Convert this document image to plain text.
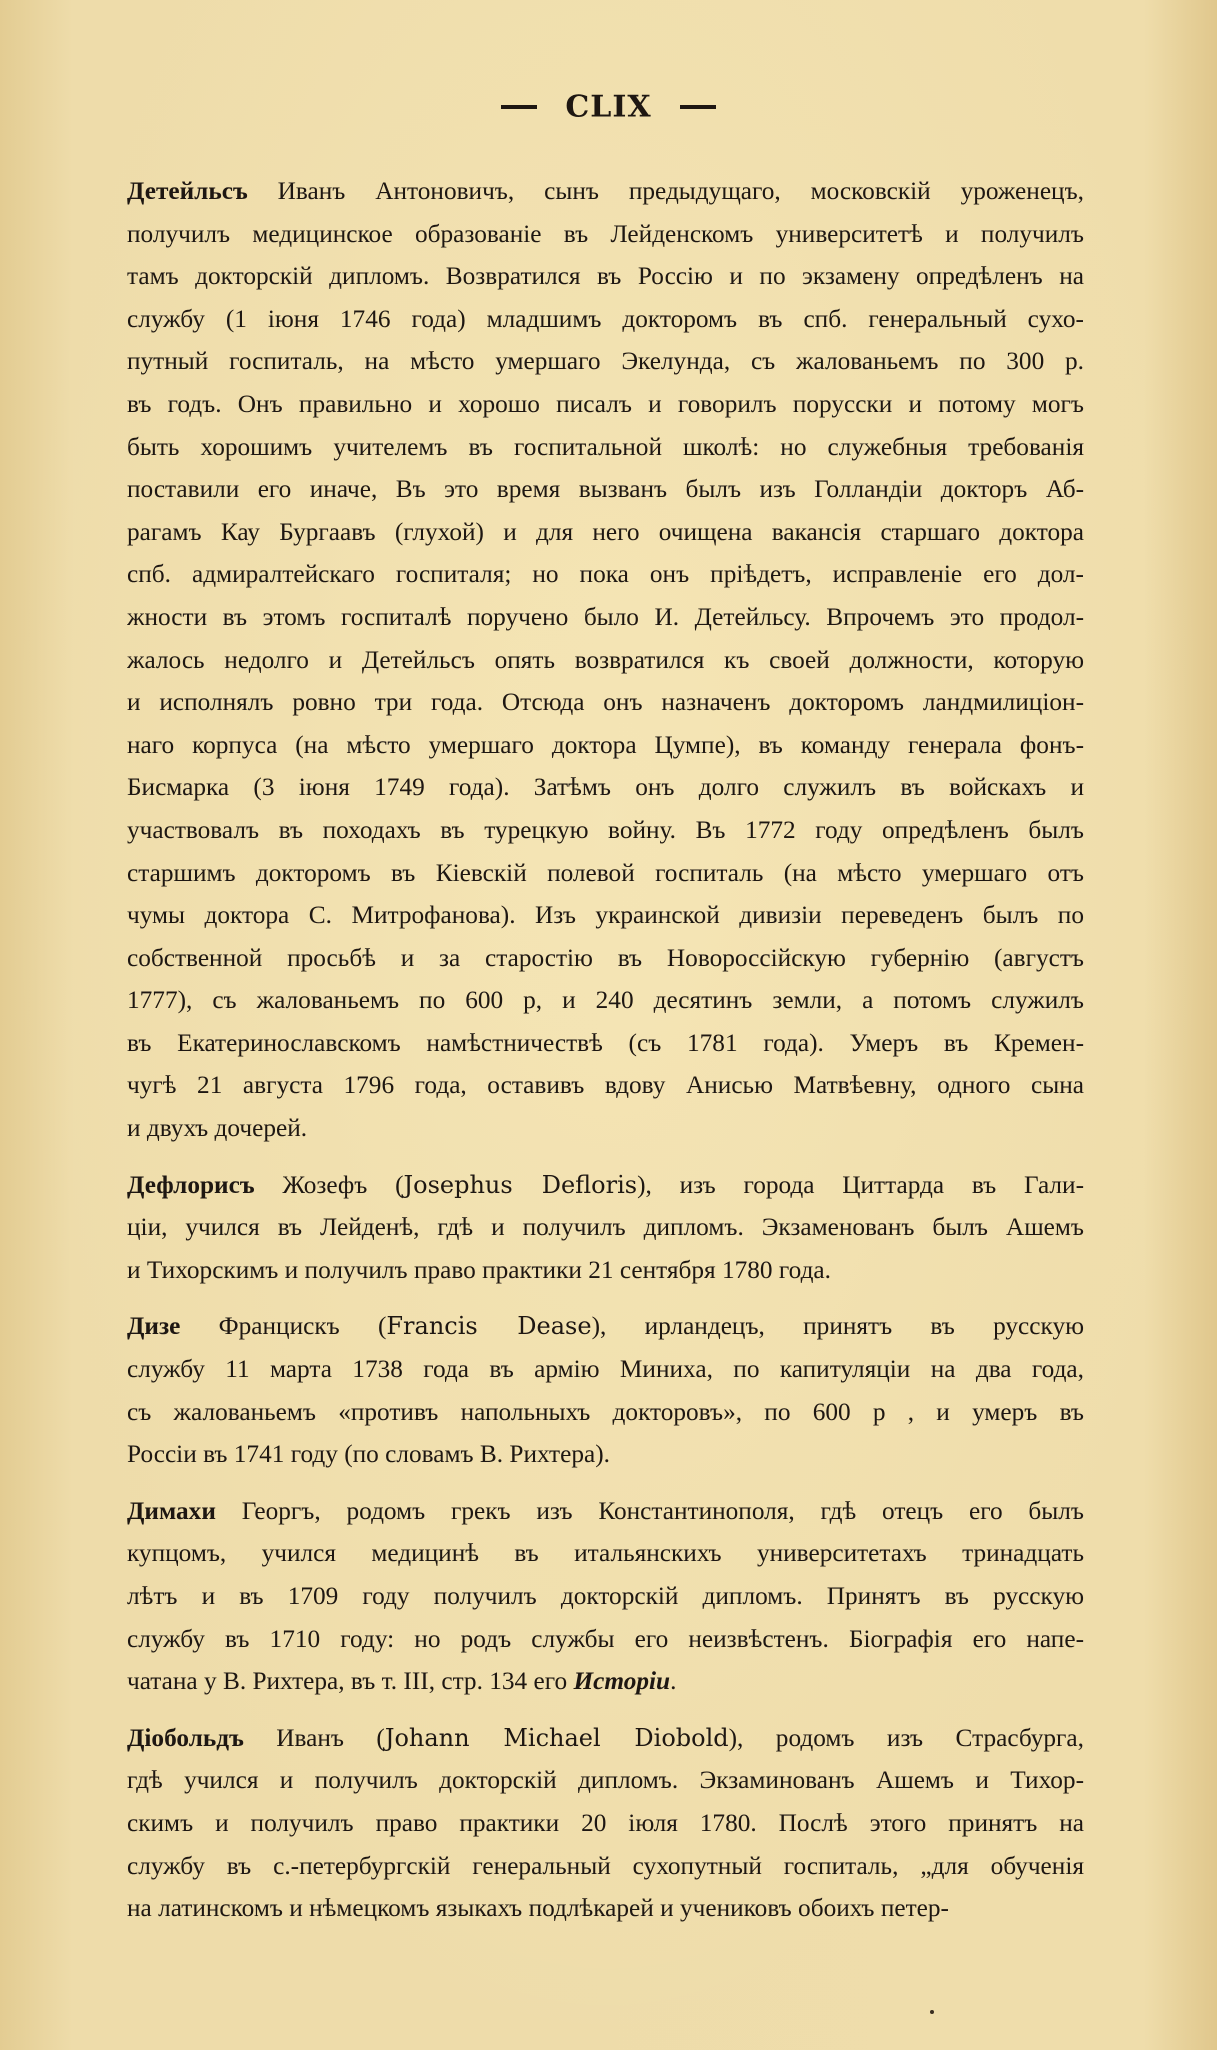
CLIX
Детейльсъ Иванъ Антоновичъ, сынъ предыдущаго, московскій уроженецъ,
получилъ медицинское образованіе въ Лейденскомъ университетѣ и получилъ
тамъ докторскій дипломъ. Возвратился въ Россію и по экзамену опредѣленъ на
службу (1 іюня 1746 года) младшимъ докторомъ въ спб. генеральный сухо-
путный госпиталь, на мѣсто умершаго Экелунда, съ жалованьемъ по 300 р.
въ годъ. Онъ правильно и хорошо писалъ и говорилъ порусски и потому могъ
быть хорошимъ учителемъ въ госпитальной школѣ: но служебныя требованія
поставили его иначе, Въ это время вызванъ былъ изъ Голландіи докторъ Аб-
рагамъ Кау Бургаавъ (глухой) и для него очищена вакансія старшаго доктора
спб. адмиралтейскаго госпиталя; но пока онъ пріѣдетъ, исправленіе его дол-
жности въ этомъ госпиталѣ поручено было И. Детейльсу. Впрочемъ это продол-
жалось недолго и Детейльсъ опять возвратился къ своей должности, которую
и исполнялъ ровно три года. Отсюда онъ назначенъ докторомъ ландмилиціон-
наго корпуса (на мѣсто умершаго доктора Цумпе), въ команду генерала фонъ-
Бисмарка (3 іюня 1749 года). Затѣмъ онъ долго служилъ въ войскахъ и
участвовалъ въ походахъ въ турецкую войну. Въ 1772 году опредѣленъ былъ
старшимъ докторомъ въ Кіевскій полевой госпиталь (на мѣсто умершаго отъ
чумы доктора С. Митрофанова). Изъ украинской дивизіи переведенъ былъ по
собственной просьбѣ и за старостію въ Новороссійскую губернію (августъ
1777), съ жалованьемъ по 600 р, и 240 десятинъ земли, а потомъ служилъ
въ Екатеринославскомъ намѣстничествѣ (съ 1781 года). Умеръ въ Кремен-
чугѣ 21 августа 1796 года, оставивъ вдову Анисью Матвѣевну, одного сына
и двухъ дочерей.
Дефлорисъ Жозефъ (Josephus Deflоris), изъ города Циттарда въ Гали-
ціи, учился въ Лейденѣ, гдѣ и получилъ дипломъ. Экзаменованъ былъ Ашемъ
и Тихорскимъ и получилъ право практики 21 сентября 1780 года.
Дизе Францискъ (Francis Dease), ирландецъ, принятъ въ русскую
службу 11 марта 1738 года въ армію Миниха, по капитуляціи на два года,
съ жалованьемъ «противъ напольныхъ докторовъ», по 600 р , и умеръ въ
Россіи въ 1741 году (по словамъ В. Рихтера).
Димахи Георгъ, родомъ грекъ изъ Константинополя, гдѣ отецъ его былъ
купцомъ, учился медицинѣ въ итальянскихъ университетахъ тринадцать
лѣтъ и въ 1709 году получилъ докторскій дипломъ. Принятъ въ русскую
службу въ 1710 году: но родъ службы его неизвѣстенъ. Біографія его напе-
чатана у В. Рихтера, въ т. III, стр. 134 его Исторіи.
Діобольдъ Иванъ (Johann Michael Diobold), родомъ изъ Страсбурга,
гдѣ учился и получилъ докторскій дипломъ. Экзаминованъ Ашемъ и Тихор-
скимъ и получилъ право практики 20 іюля 1780. Послѣ этого принятъ на
службу въ с.-петербургскій генеральный сухопутный госпиталь, „для обученія
на латинскомъ и нѣмецкомъ языкахъ подлѣкарей и учениковъ обоихъ петер-
